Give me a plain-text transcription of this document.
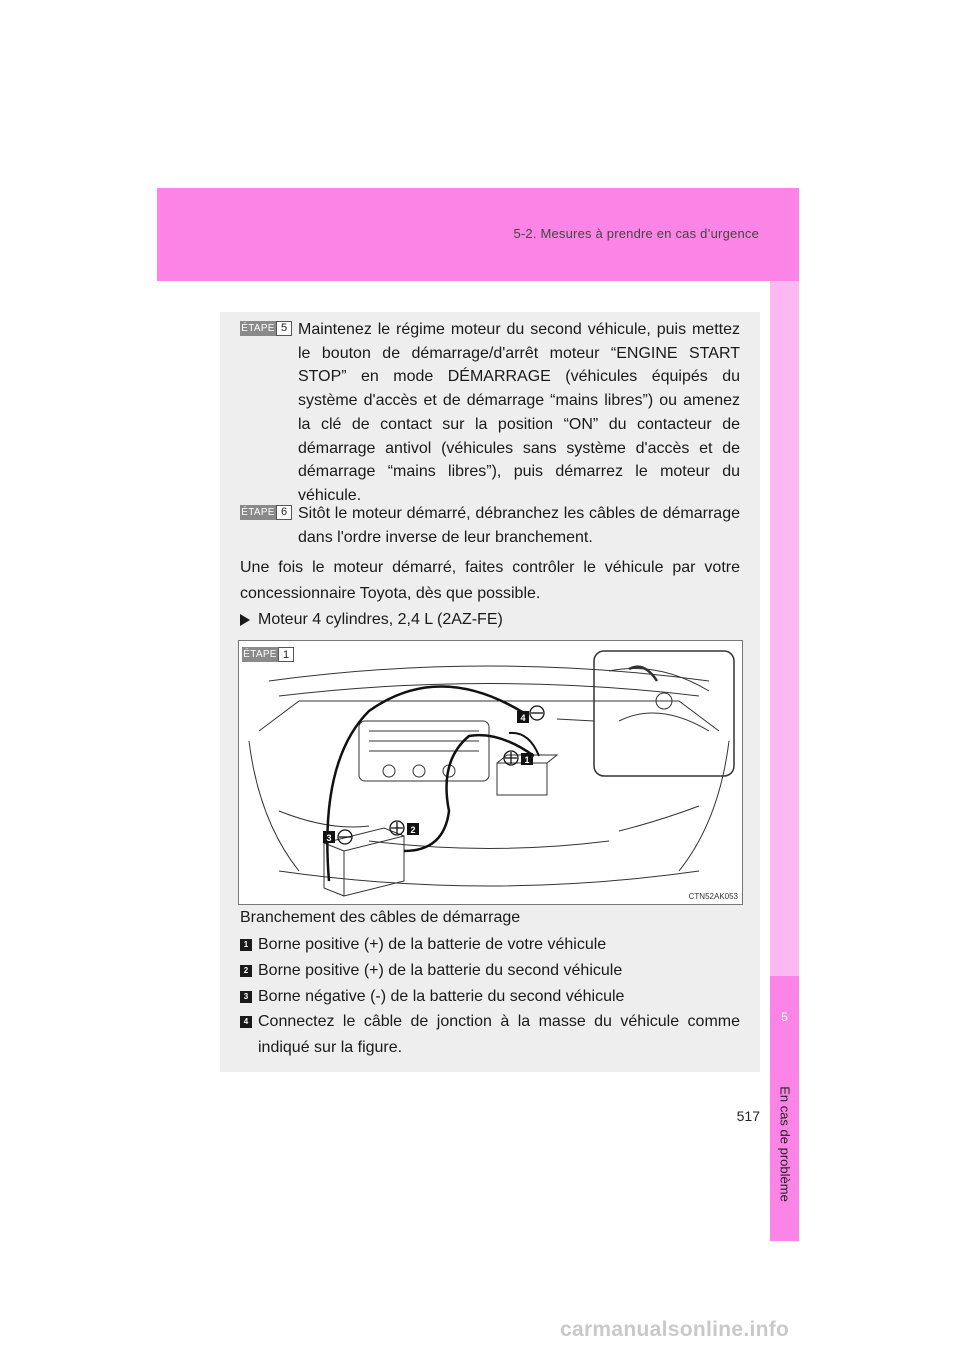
5-2. Mesures à prendre en cas d’urgence
5
En cas de problème
ÉTAPE 5 Maintenez le régime moteur du second véhicule, puis mettez le bouton de démarrage/d'arrêt moteur “ENGINE START STOP” en mode DÉMARRAGE (véhicules équipés du système d'accès et de démarrage “mains libres”) ou amenez la clé de contact sur la position “ON” du contacteur de démarrage antivol (véhicules sans système d'accès et de démarrage “mains libres”), puis démarrez le moteur du véhicule.
ÉTAPE 6 Sitôt le moteur démarré, débranchez les câbles de démarrage dans l'ordre inverse de leur branchement.
Une fois le moteur démarré, faites contrôler le véhicule par votre concessionnaire Toyota, dès que possible.
Moteur 4 cylindres, 2,4 L (2AZ-FE)
ÉTAPE 1
4
1
2
3
CTN52AK053
Branchement des câbles de démarrage
1 Borne positive (+) de la batterie de votre véhicule
2 Borne positive (+) de la batterie du second véhicule
3 Borne négative (-) de la batterie du second véhicule
4 Connectez le câble de jonction à la masse du véhicule comme indiqué sur la figure.
517
carmanualsonline.info
